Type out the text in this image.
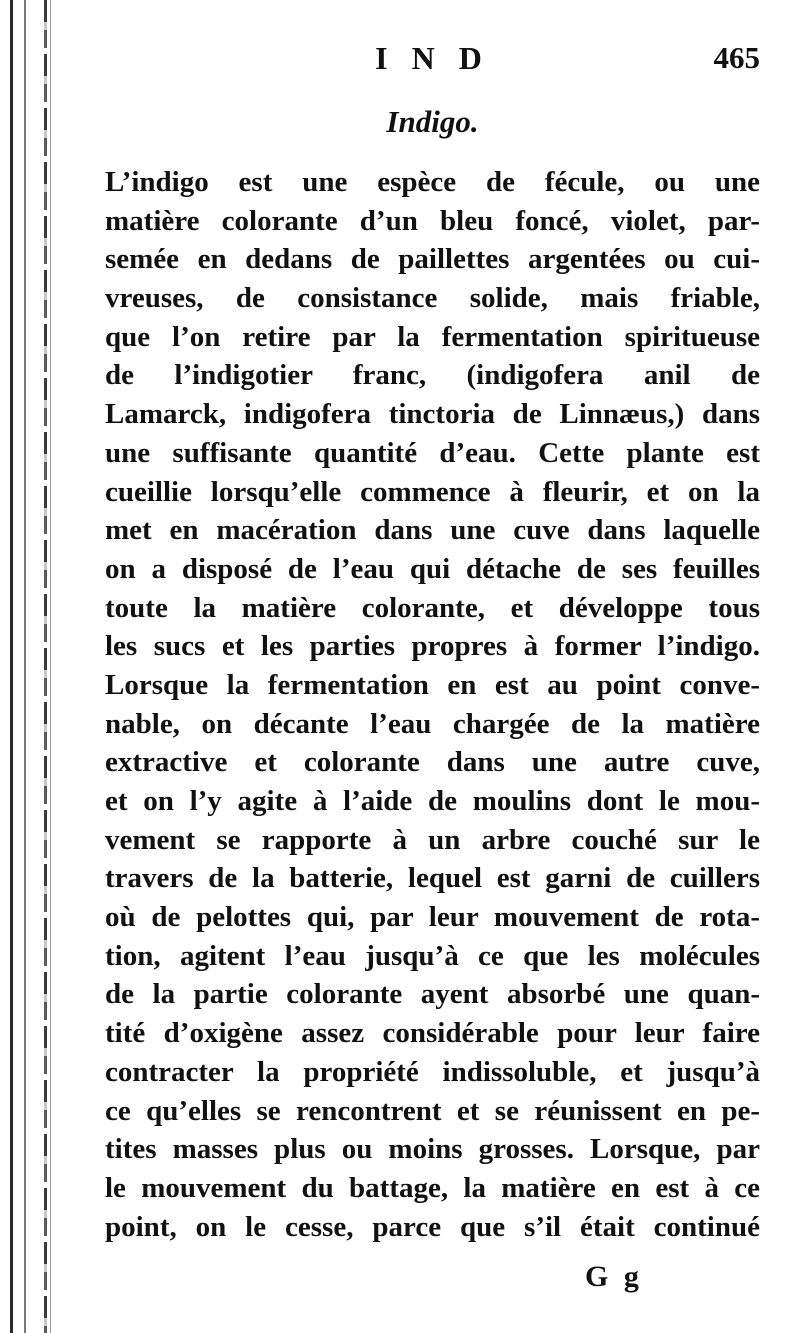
I N D	465
Indigo.
L’indigo est une espèce de fécule, ou une
matière colorante d’un bleu foncé, violet, par-
semée en dedans de paillettes argentées ou cui-
vreuses, de consistance solide, mais friable,
que l’on retire par la fermentation spiritueuse
de l’indigotier franc, (indigofera anil de
Lamarck, indigofera tinctoria de Linnæus,) dans
une suffisante quantité d’eau. Cette plante est
cueillie lorsqu’elle commence à fleurir, et on la
met en macération dans une cuve dans laquelle
on a disposé de l’eau qui détache de ses feuilles
toute la matière colorante, et développe tous
les sucs et les parties propres à former l’indigo.
Lorsque la fermentation en est au point conve-
nable, on décante l’eau chargée de la matière
extractive et colorante dans une autre cuve,
et on l’y agite à l’aide de moulins dont le mou-
vement se rapporte à un arbre couché sur le
travers de la batterie, lequel est garni de cuillers
où de pelottes qui, par leur mouvement de rota-
tion, agitent l’eau jusqu’à ce que les molécules
de la partie colorante ayent absorbé une quan-
tité d’oxigène assez considérable pour leur faire
contracter la propriété indissoluble, et jusqu’à
ce qu’elles se rencontrent et se réunissent en pe-
tites masses plus ou moins grosses. Lorsque, par
le mouvement du battage, la matière en est à ce
point, on le cesse, parce que s’il était continué
G g
